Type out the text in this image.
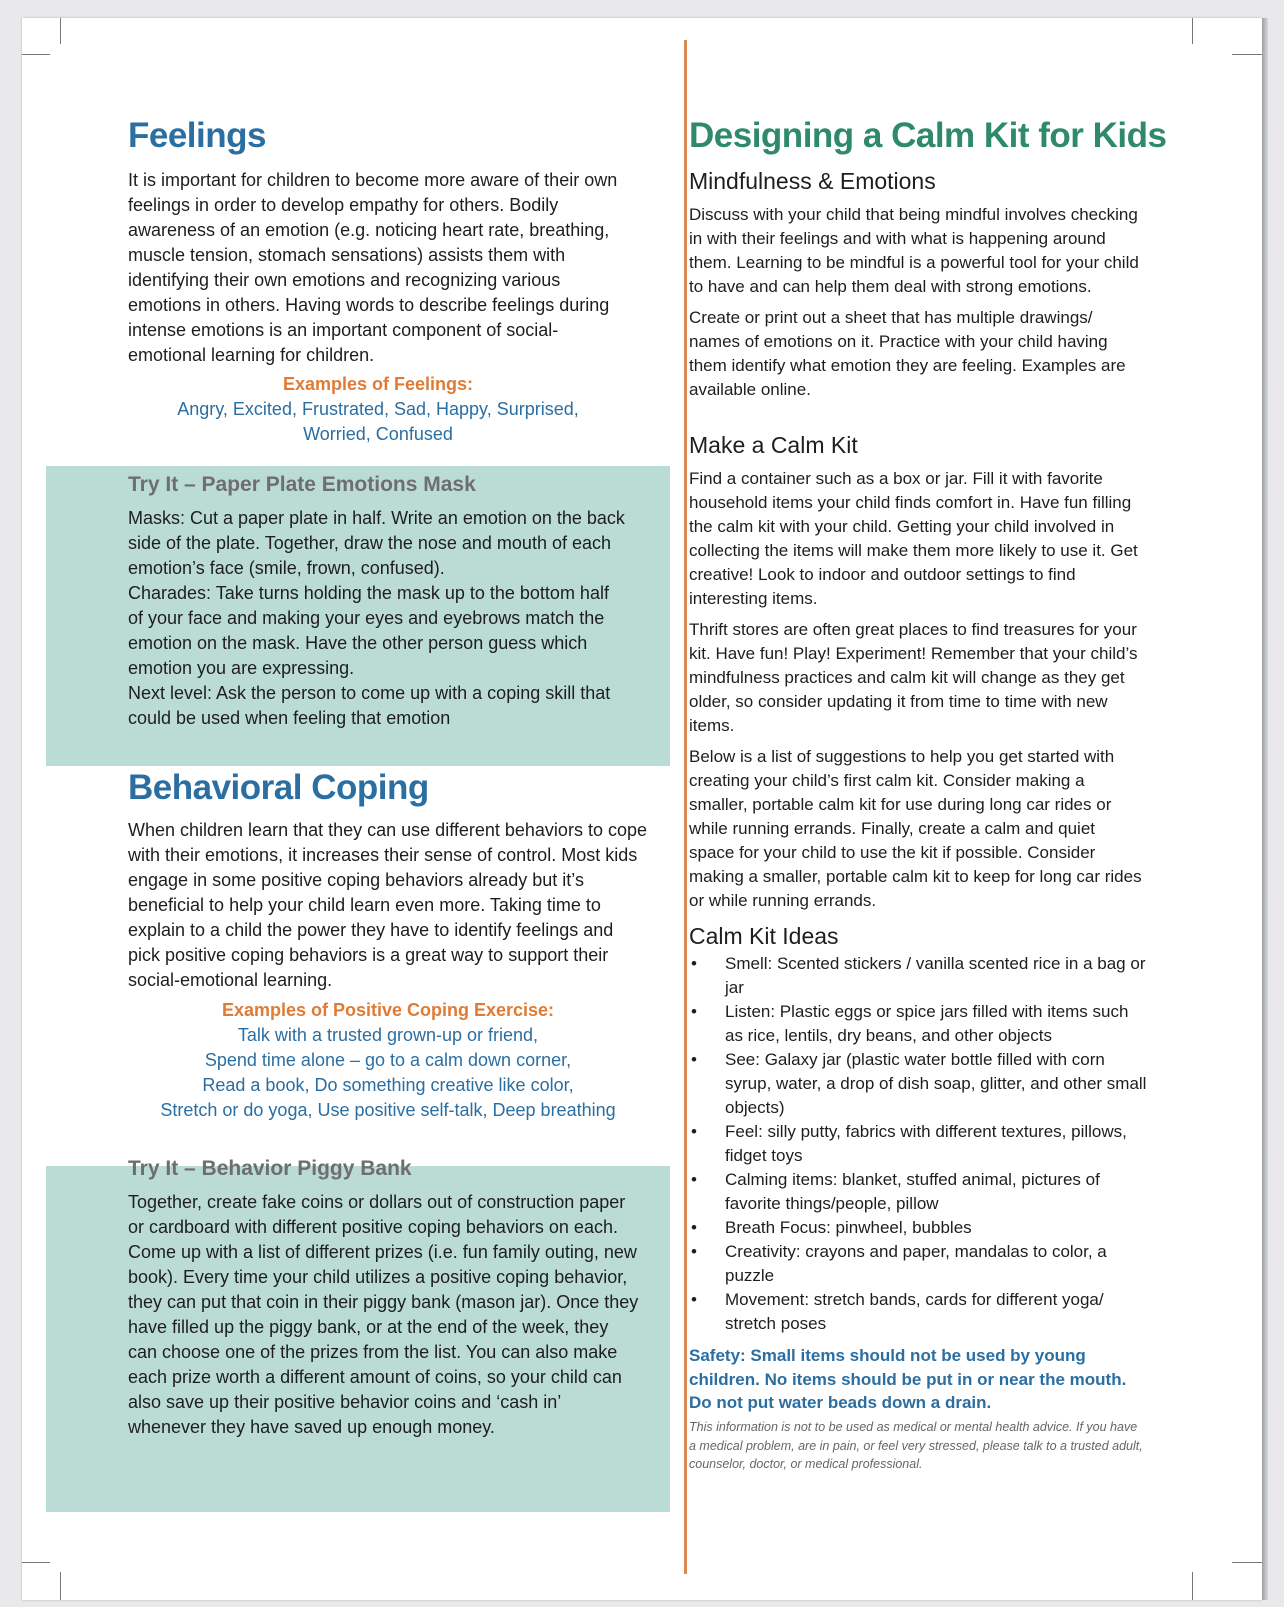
Feelings

It is important for children to become more aware of their own feelings in order to develop empathy for others. Bodily awareness of an emotion (e.g. noticing heart rate, breathing, muscle tension, stomach sensations) assists them with identifying their own emotions and recognizing various emotions in others. Having words to describe feelings during intense emotions is an important component of social-emotional learning for children.

Examples of Feelings:
Angry, Excited, Frustrated, Sad, Happy, Surprised,
Worried, Confused
Try It – Paper Plate Emotions Mask

Masks: Cut a paper plate in half. Write an emotion on the back side of the plate. Together, draw the nose and mouth of each emotion’s face (smile, frown, confused).

Charades: Take turns holding the mask up to the bottom half of your face and making your eyes and eyebrows match the emotion on the mask. Have the other person guess which emotion you are expressing.

Next level: Ask the person to come up with a coping skill that could be used when feeling that emotion

Behavioral Coping

When children learn that they can use different behaviors to cope with their emotions, it increases their sense of control. Most kids engage in some positive coping behaviors already but it’s beneficial to help your child learn even more. Taking time to explain to a child the power they have to identify feelings and pick positive coping behaviors is a great way to support their social-emotional learning.

Examples of Positive Coping Exercise:
Talk with a trusted grown-up or friend,
Spend time alone – go to a calm down corner,
Read a book, Do something creative like color,
Stretch or do yoga, Use positive self-talk, Deep breathing
Try It – Behavior Piggy Bank

Together, create fake coins or dollars out of construction paper or cardboard with different positive coping behaviors on each. Come up with a list of different prizes (i.e. fun family outing, new book). Every time your child utilizes a positive coping behavior, they can put that coin in their piggy bank (mason jar). Once they have filled up the piggy bank, or at the end of the week, they can choose one of the prizes from the list. You can also make each prize worth a different amount of coins, so your child can also save up their positive behavior coins and ‘cash in’ whenever they have saved up enough money.

Designing a Calm Kit for Kids
Mindfulness & Emotions

Discuss with your child that being mindful involves checking in with their feelings and with what is happening around them. Learning to be mindful is a powerful tool for your child to have and can help them deal with strong emotions.

Create or print out a sheet that has multiple drawings/ names of emotions on it. Practice with your child having them identify what emotion they are feeling. Examples are available online.

Make a Calm Kit

Find a container such as a box or jar. Fill it with favorite household items your child finds comfort in. Have fun filling the calm kit with your child. Getting your child involved in collecting the items will make them more likely to use it. Get creative! Look to indoor and outdoor settings to find interesting items.

Thrift stores are often great places to find treasures for your kit. Have fun! Play! Experiment! Remember that your child’s mindfulness practices and calm kit will change as they get older, so consider updating it from time to time with new items.

Below is a list of suggestions to help you get started with creating your child’s first calm kit. Consider making a smaller, portable calm kit for use during long car rides or while running errands. Finally, create a calm and quiet space for your child to use the kit if possible. Consider making a smaller, portable calm kit to keep for long car rides or while running errands.

Calm Kit Ideas
• Smell: Scented stickers / vanilla scented rice in a bag or jar
• Listen: Plastic eggs or spice jars filled with items such as rice, lentils, dry beans, and other objects
• See: Galaxy jar (plastic water bottle filled with corn syrup, water, a drop of dish soap, glitter, and other small objects)
• Feel: silly putty, fabrics with different textures, pillows, fidget toys
• Calming items: blanket, stuffed animal, pictures of favorite things/people, pillow
• Breath Focus: pinwheel, bubbles
• Creativity: crayons and paper, mandalas to color, a puzzle
• Movement: stretch bands, cards for different yoga/ stretch poses
Safety: Small items should not be used by young children. No items should be put in or near the mouth. Do not put water beads down a drain.
This information is not to be used as medical or mental health advice. If you have a medical problem, are in pain, or feel very stressed, please talk to a trusted adult, counselor, doctor, or medical professional.
